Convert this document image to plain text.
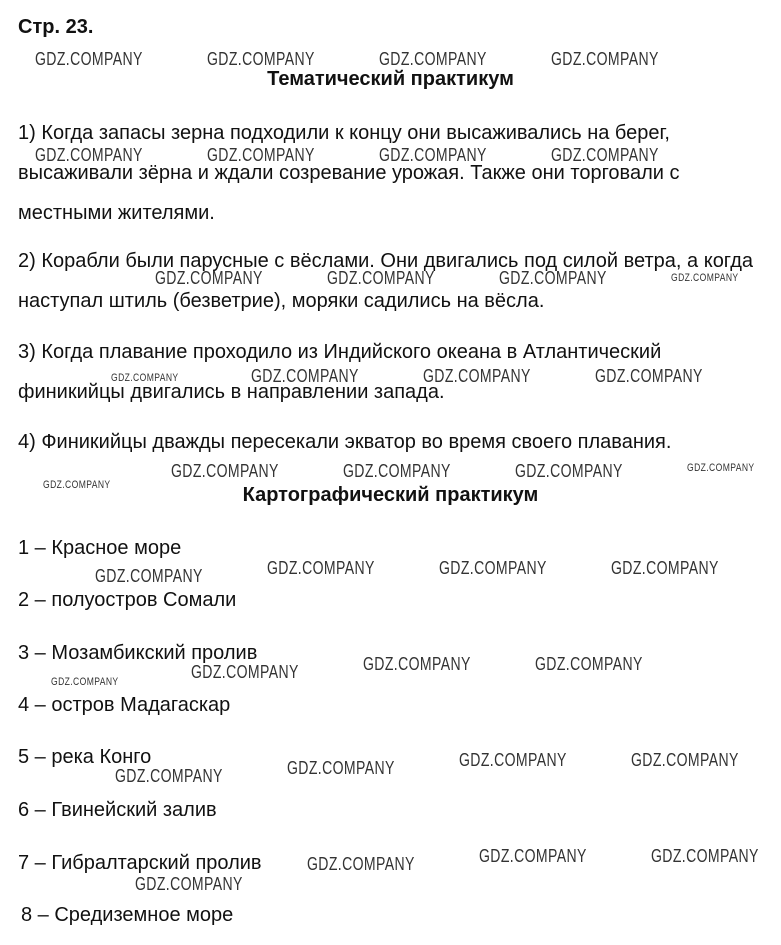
Стр. 23.
Тематический практикум

1) Когда запасы зерна подходили к концу они высаживались на берег, высаживали зёрна и ждали созревание урожая. Также они торговали с местными жителями.

2) Корабли были парусные с вёслами. Они двигались под силой ветра, а когда наступал штиль (безветрие), моряки садились на вёсла.

3) Когда плавание проходило из Индийского океана в Атлантический финикийцы двигались в направлении запада.

4) Финикийцы дважды пересекали экватор во время своего плавания.

Картографический практикум
1 – Красное море
2 – полуостров Сомали
3 – Мозамбикский пролив
4 – остров Мадагаскар
5 – река Конго
6 – Гвинейский залив
7 – Гибралтарский пролив
8 – Средиземное море
GDZ.COMPANY	GDZ.COMPANY	GDZ.COMPANY	GDZ.COMPANY
GDZ.COMPANY	GDZ.COMPANY	GDZ.COMPANY	GDZ.COMPANY
GDZ.COMPANY	GDZ.COMPANY	GDZ.COMPANY	GDZ.COMPANY
GDZ.COMPANY	GDZ.COMPANY	GDZ.COMPANY	GDZ.COMPANY
GDZ.COMPANY	GDZ.COMPANY	GDZ.COMPANY	GDZ.COMPANY
GDZ.COMPANY
GDZ.COMPANY	GDZ.COMPANY	GDZ.COMPANY	GDZ.COMPANY
GDZ.COMPANY	GDZ.COMPANY	GDZ.COMPANY
GDZ.COMPANY
GDZ.COMPANY	GDZ.COMPANY	GDZ.COMPANY	GDZ.COMPANY
GDZ.COMPANY	GDZ.COMPANY	GDZ.COMPANY
GDZ.COMPANY
